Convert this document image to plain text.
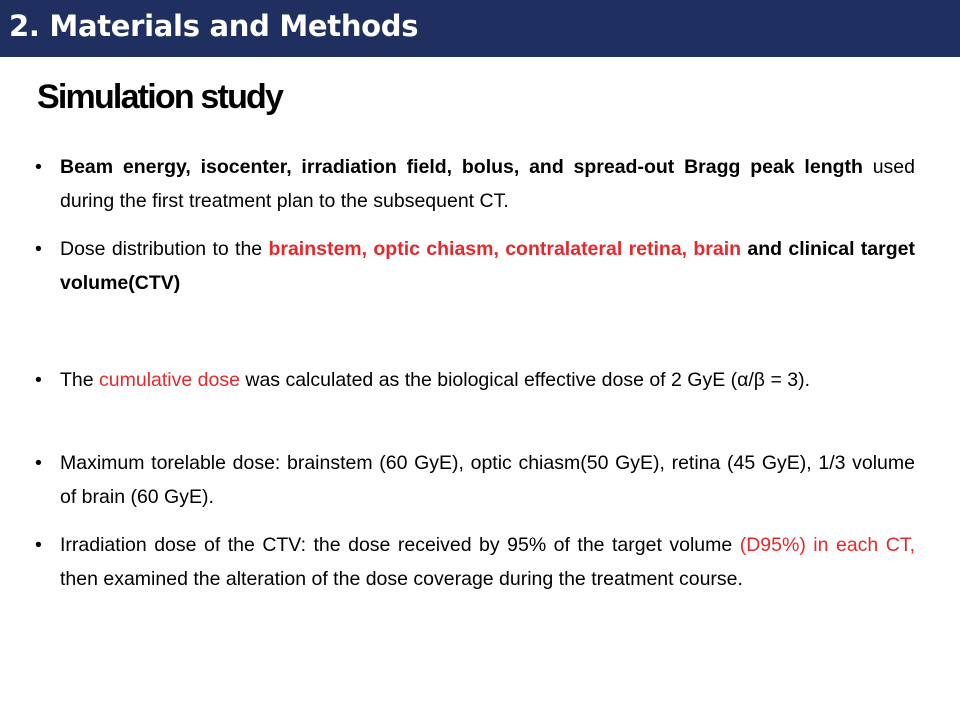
2. Materials and Methods
Simulation study
• Beam energy, isocenter, irradiation field, bolus, and spread-out Bragg peak length used during the first treatment plan to the subsequent CT.
• Dose distribution to the brainstem, optic chiasm, contralateral retina, brain and clinical target volume(CTV)
• The cumulative dose was calculated as the biological effective dose of 2 GyE (α/β = 3).
• Maximum torelable dose: brainstem (60 GyE), optic chiasm(50 GyE), retina (45 GyE), 1/3 volume of brain (60 GyE).
• Irradiation dose of the CTV: the dose received by 95% of the target volume (D95%) in each CT, then examined the alteration of the dose coverage during the treatment course.
